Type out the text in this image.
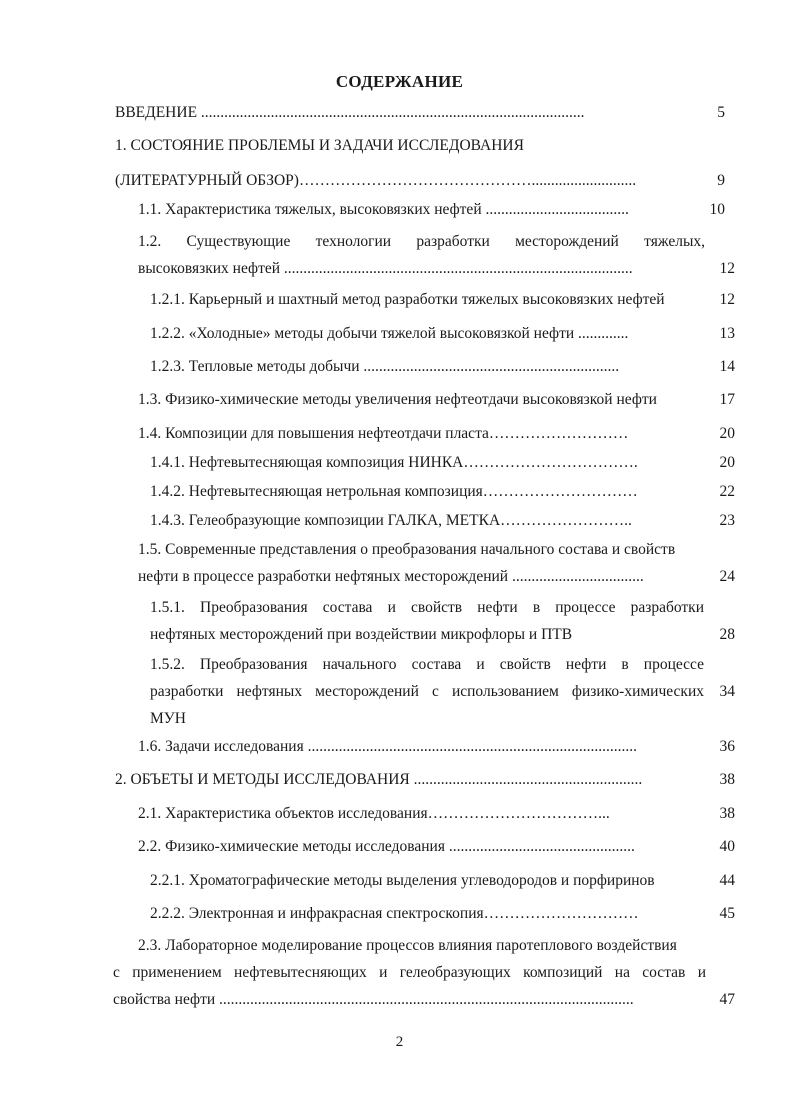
СОДЕРЖАНИЕ
ВВЕДЕНИЕ ...................................................................................................	5
1. СОСТОЯНИЕ ПРОБЛЕМЫ И ЗАДАЧИ ИССЛЕДОВАНИЯ
(ЛИТЕРАТУРНЫЙ ОБЗОР)………………………………………...........................	9
1.1. Характеристика тяжелых, высоковязких нефтей .....................................	10
1.2. Существующие технологии разработки месторождений тяжелых,
высоковязких нефтей ..........................................................................................	12
1.2.1. Карьерный и шахтный метод разработки тяжелых высоковязких нефтей	12
1.2.2. «Холодные» методы добычи тяжелой высоковязкой нефти .............	13
1.2.3. Тепловые методы добычи ..................................................................	14
1.3. Физико-химические методы увеличения нефтеотдачи высоковязкой нефти	17
1.4. Композиции для повышения нефтеотдачи пласта………………………	20
1.4.1. Нефтевытесняющая композиция НИНКА…………………………….	20
1.4.2. Нефтевытесняющая нетрольная композиция…………………………	22
1.4.3. Гелеобразующие композиции ГАЛКА, МЕТКА……………………..	23
1.5. Современные представления о преобразования начального состава и свойств
нефти в процессе разработки нефтяных месторождений ..................................	24
1.5.1. Преобразования состава и свойств нефти в процессе разработки
нефтяных месторождений при воздействии микрофлоры и ПТВ	28
1.5.2. Преобразования начального состава и свойств нефти в процессе
разработки нефтяных месторождений с использованием физико-химических
МУН
34
1.6. Задачи исследования .....................................................................................	36
2. ОБЪЕТЫ И МЕТОДЫ ИССЛЕДОВАНИЯ ...........................................................	38
2.1. Характеристика объектов исследования……………………………...	38
2.2. Физико-химические методы исследования ................................................	40
2.2.1. Хроматографические методы выделения углеводородов и порфиринов	44
2.2.2. Электронная и инфракрасная спектроскопия…………………………	45
2.3. Лабораторное моделирование процессов влияния паротеплового воздействия
с применением нефтевытесняющих и гелеобразующих композиций на состав и
свойства нефти ...........................................................................................................	47
2
